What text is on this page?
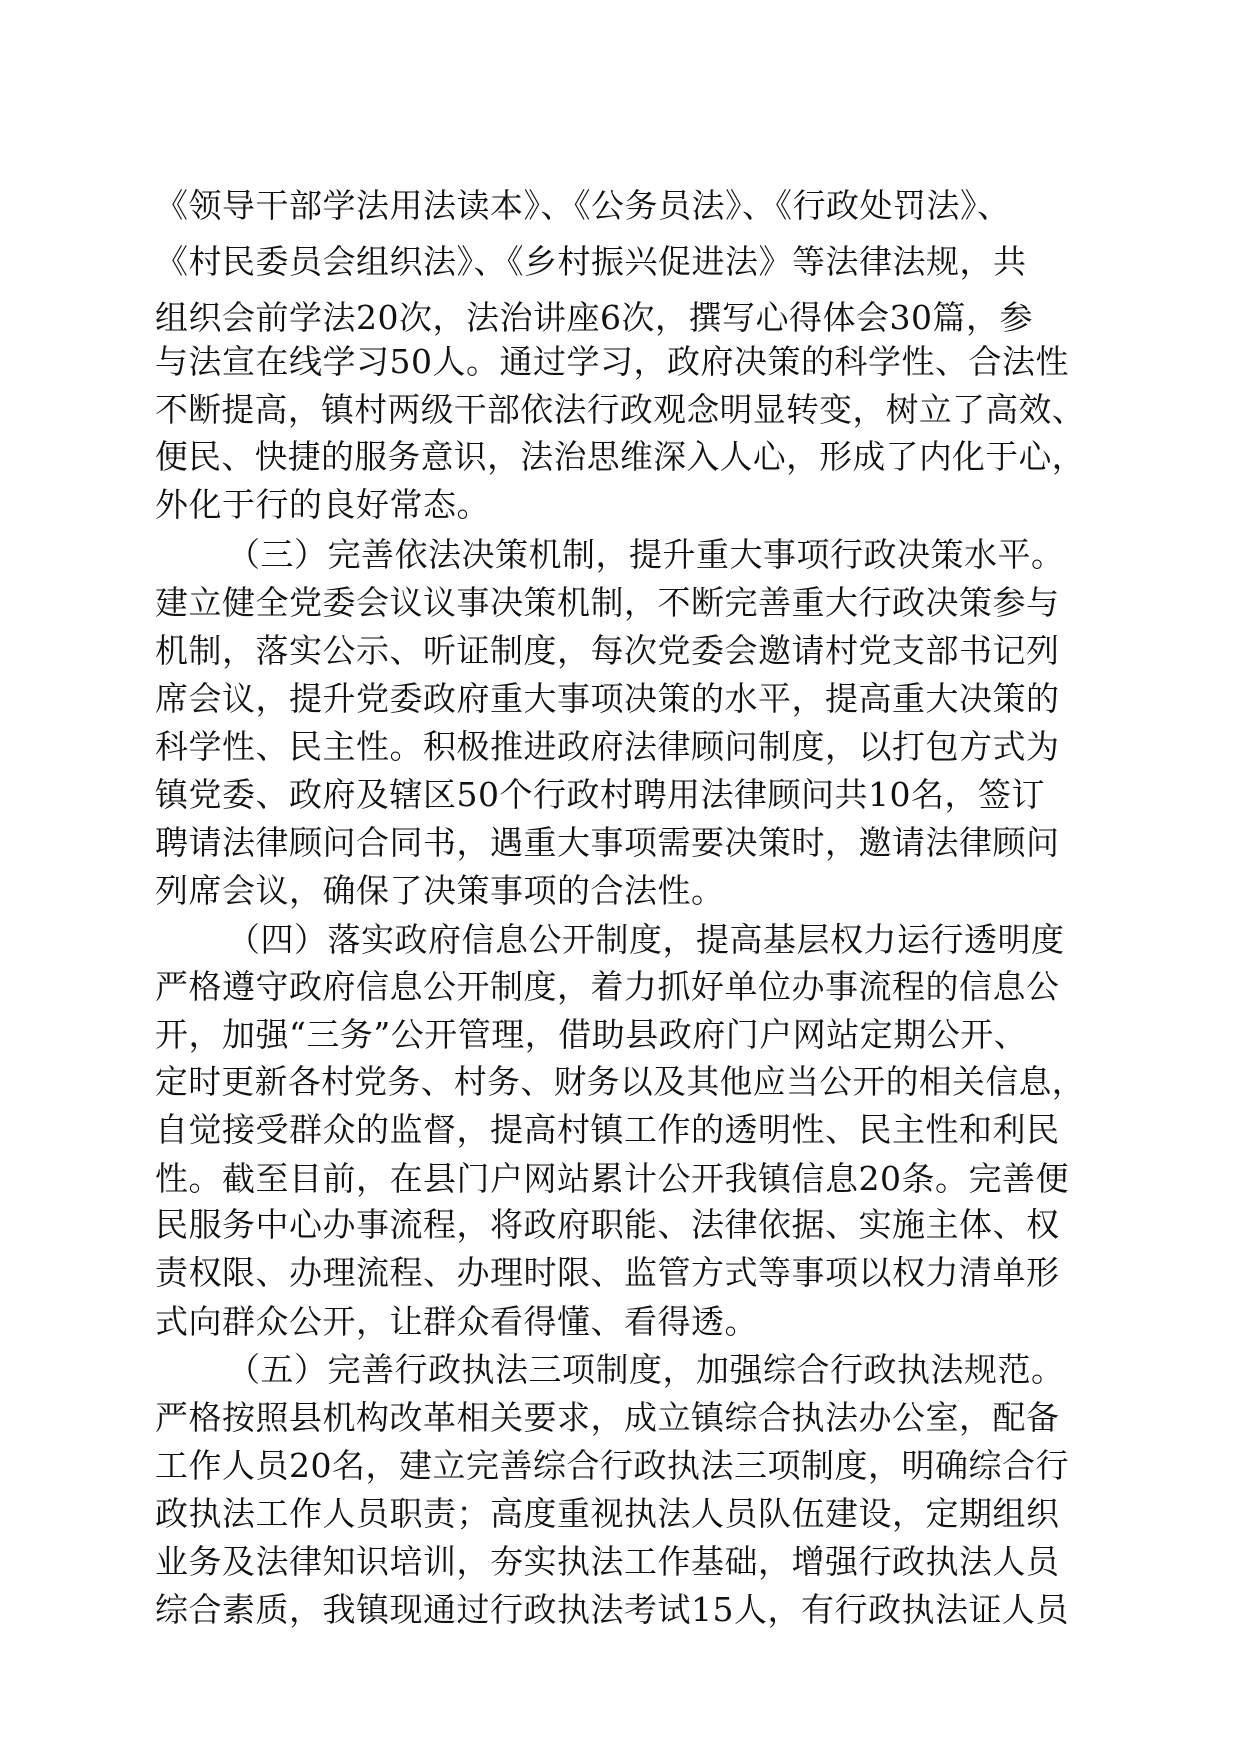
《领导干部学法用法读本》、《公务员法》、《行政处罚法》、
《村民委员会组织法》、《乡村振兴促进法》等法律法规，共
组织会前学法20次，法治讲座6次，撰写心得体会30篇，参
与法宣在线学习50人。通过学习，政府决策的科学性、合法性
不断提高，镇村两级干部依法行政观念明显转变，树立了高效、
便民、快捷的服务意识，法治思维深入人心，形成了内化于心，
外化于行的良好常态。
（三）完善依法决策机制，提升重大事项行政决策水平。
建立健全党委会议议事决策机制，不断完善重大行政决策参与
机制，落实公示、听证制度，每次党委会邀请村党支部书记列
席会议，提升党委政府重大事项决策的水平，提高重大决策的
科学性、民主性。积极推进政府法律顾问制度，以打包方式为
镇党委、政府及辖区50个行政村聘用法律顾问共10名，签订
聘请法律顾问合同书，遇重大事项需要决策时，邀请法律顾问
列席会议，确保了决策事项的合法性。
（四）落实政府信息公开制度，提高基层权力运行透明度
严格遵守政府信息公开制度，着力抓好单位办事流程的信息公
开，加强“三务”公开管理，借助县政府门户网站定期公开、
定时更新各村党务、村务、财务以及其他应当公开的相关信息，
自觉接受群众的监督，提高村镇工作的透明性、民主性和利民
性。截至目前，在县门户网站累计公开我镇信息20条。完善便
民服务中心办事流程，将政府职能、法律依据、实施主体、权
责权限、办理流程、办理时限、监管方式等事项以权力清单形
式向群众公开，让群众看得懂、看得透。
（五）完善行政执法三项制度，加强综合行政执法规范。
严格按照县机构改革相关要求，成立镇综合执法办公室，配备
工作人员20名，建立完善综合行政执法三项制度，明确综合行
政执法工作人员职责；高度重视执法人员队伍建设，定期组织
业务及法律知识培训，夯实执法工作基础，增强行政执法人员
综合素质，我镇现通过行政执法考试15人，有行政执法证人员
